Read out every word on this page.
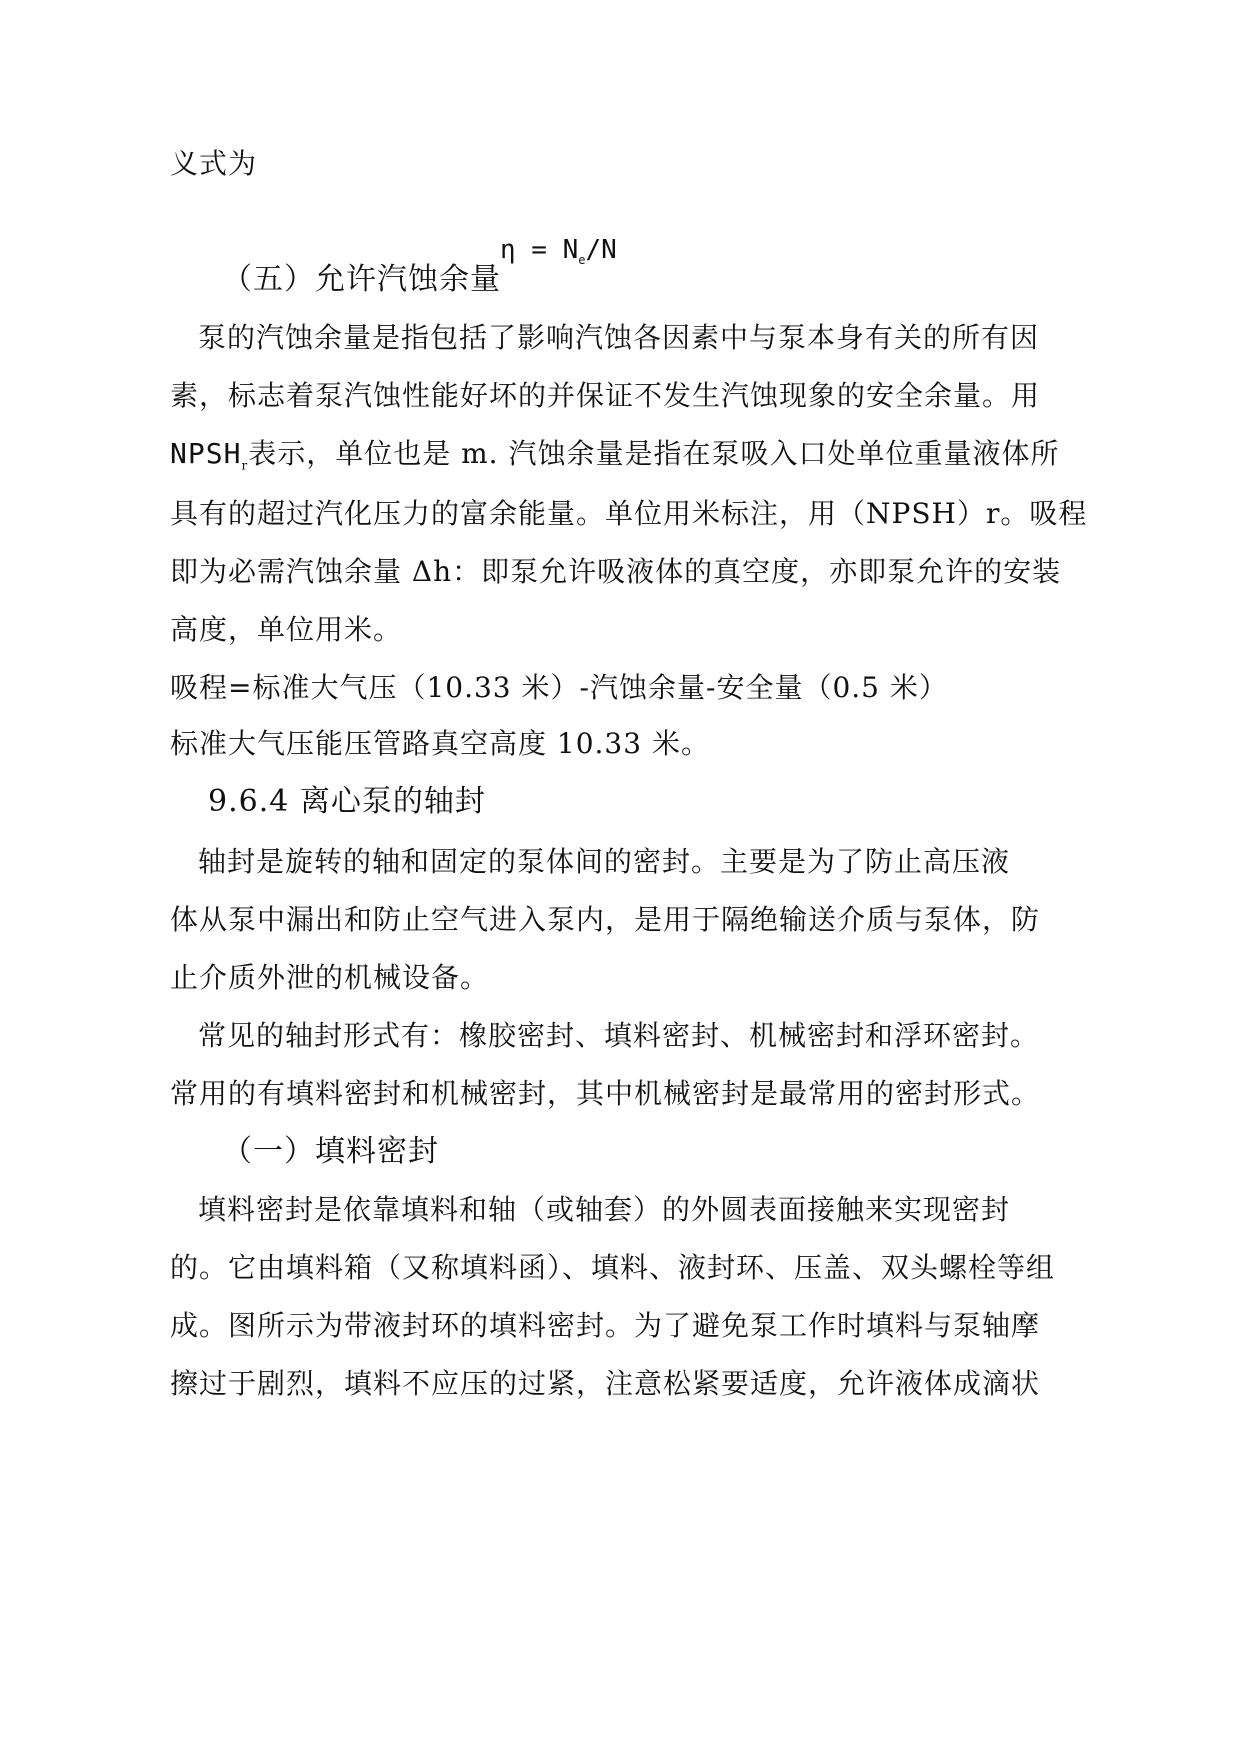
义式为
$\eta = N_e/N$
（五）允许汽蚀余量
泵的汽蚀余量是指包括了影响汽蚀各因素中与泵本身有关的所有因
素，标志着泵汽蚀性能好坏的并保证不发生汽蚀现象的安全余量。用
$NPSH_r$表示，单位也是 m. 汽蚀余量是指在泵吸入口处单位重量液体所
具有的超过汽化压力的富余能量。单位用米标注，用（NPSH）r。吸程
即为必需汽蚀余量 Δh：即泵允许吸液体的真空度，亦即泵允许的安装
高度，单位用米。
吸程=标准大气压（10.33 米）-汽蚀余量-安全量（0.5 米）
标准大气压能压管路真空高度 10.33 米。
9.6.4 离心泵的轴封
轴封是旋转的轴和固定的泵体间的密封。主要是为了防止高压液
体从泵中漏出和防止空气进入泵内，是用于隔绝输送介质与泵体，防
止介质外泄的机械设备。
常见的轴封形式有：橡胶密封、填料密封、机械密封和浮环密封。
常用的有填料密封和机械密封，其中机械密封是最常用的密封形式。
（一）填料密封
填料密封是依靠填料和轴（或轴套）的外圆表面接触来实现密封
的。它由填料箱（又称填料函）、填料、液封环、压盖、双头螺栓等组
成。图所示为带液封环的填料密封。为了避免泵工作时填料与泵轴摩
擦过于剧烈，填料不应压的过紧，注意松紧要适度，允许液体成滴状
